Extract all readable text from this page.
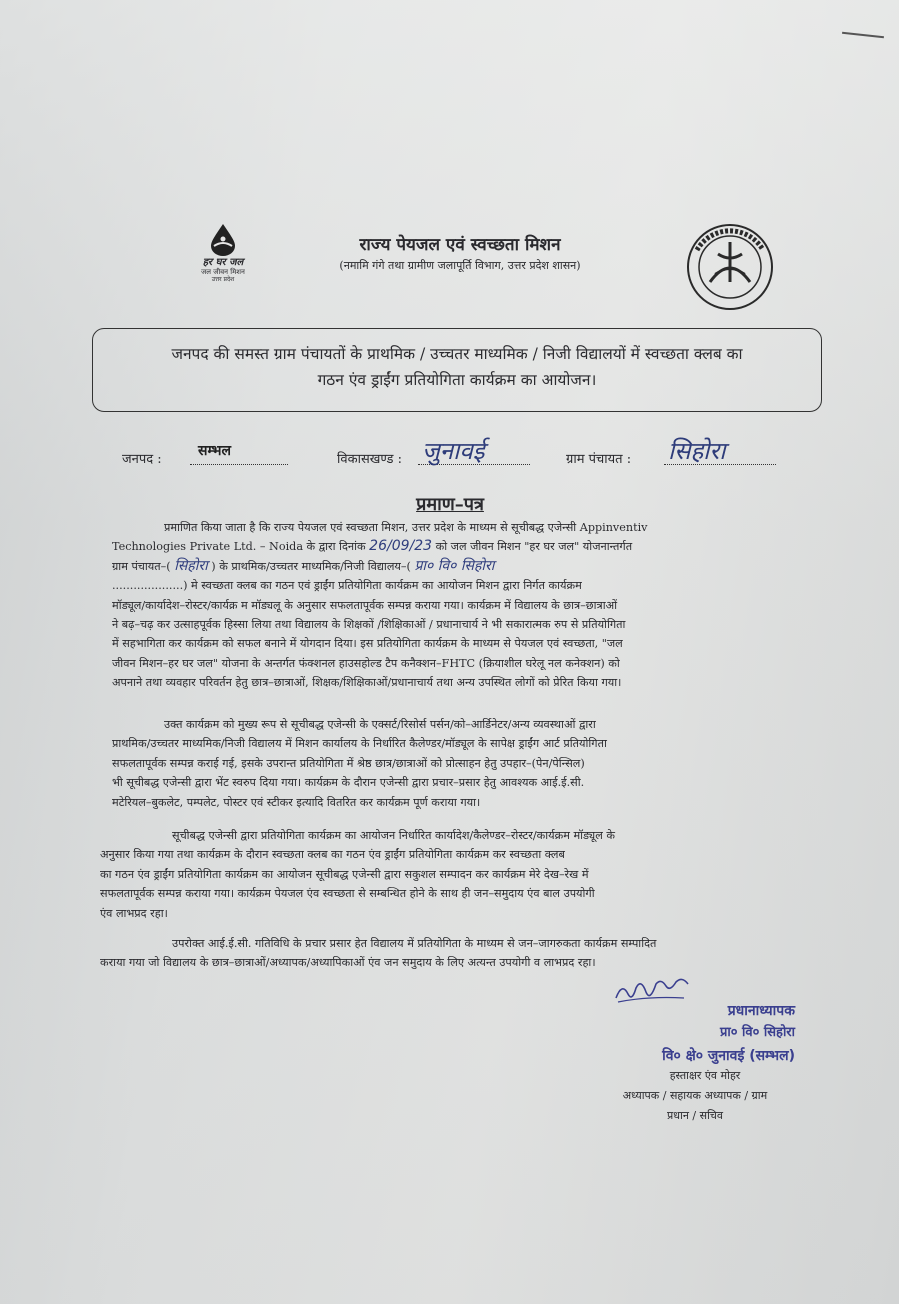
हर घर जल
जल जीवन मिशन
उत्तर प्रदेश
राज्य पेयजल एवं स्वच्छता मिशन
(नमामि गंगे तथा ग्रामीण जलापूर्ति विभाग, उत्तर प्रदेश शासन)
जनपद की समस्त ग्राम पंचायतों के प्राथमिक / उच्चतर माध्यमिक / निजी विद्यालयों में स्वच्छता क्लब का
गठन एंव ड्राईंग प्रतियोगिता कार्यक्रम का आयोजन।
जनपद :
सम्भल
विकासखण्ड : जुनावई	ग्राम पंचायत : सिहोरा
प्रमाण–पत्र
प्रमाणित किया जाता है कि राज्य पेयजल एवं स्वच्छता मिशन, उत्तर प्रदेश के माध्यम से सूचीबद्ध एजेन्सी Appinventiv
Technologies Private Ltd. – Noida के द्वारा दिनांक 26/09/23 को जल जीवन मिशन "हर घर जल" योजनान्तर्गत
ग्राम पंचायत–( सिहोरा ) के प्राथमिक/उच्चतर माध्यमिक/निजी विद्यालय–( प्रा० वि० सिहोरा
....................) मे स्वच्छता क्लब का गठन एवं ड्राईंग प्रतियोगिता कार्यक्रम का आयोजन मिशन द्वारा निर्गत कार्यक्रम
मॉड्यूल/कार्यादेश–रोस्टर/कार्यक्र म मॉड्यलू के अनुसार सफलतापूर्वक सम्पन्न कराया गया। कार्यक्रम में विद्यालय के छात्र–छात्राओं
ने बढ़–चढ़ कर उत्साहपूर्वक हिस्सा लिया तथा विद्यालय के शिक्षकों /शिक्षिकाओं / प्रधानाचार्य ने भी सकारात्मक रुप से प्रतियोगिता
में सहभागिता कर कार्यक्रम को सफल बनाने में योगदान दिया। इस प्रतियोगिता कार्यक्रम के माध्यम से पेयजल एवं स्वच्छता, "जल
जीवन मिशन–हर घर जल" योजना के अन्तर्गत फंक्शनल हाउसहोल्ड टैप कनैक्शन–FHTC (क्रियाशील घरेलू नल कनेक्शन) को
अपनाने तथा व्यवहार परिवर्तन हेतु छात्र–छात्राओं, शिक्षक/शिक्षिकाओं/प्रधानाचार्य तथा अन्य उपस्थित लोगों को प्रेरित किया गया।
उक्त कार्यक्रम को मुख्य रूप से सूचीबद्ध एजेन्सी के एक्सर्ट/रिसोर्स पर्सन/को–आर्डिनेटर/अन्य व्यवस्थाओं द्वारा
प्राथमिक/उच्चतर माध्यमिक/निजी विद्यालय में मिशन कार्यालय के निर्धारित कैलेण्डर/मॉड्यूल के सापेक्ष ड्राईंग आर्ट प्रतियोगिता
सफलतापूर्वक सम्पन्न कराई गई, इसके उपरान्त प्रतियोगिता में श्रेष्ठ छात्र/छात्राओं को प्रोत्साहन हेतु उपहार–(पेन/पेन्सिल)
भी सूचीबद्ध एजेन्सी द्वारा भेंट स्वरुप दिया गया। कार्यक्रम के दौरान एजेन्सी द्वारा प्रचार–प्रसार हेतु आवश्यक आई.ई.सी.
मटेरियल–बुकलेट, पम्पलेट, पोस्टर एवं स्टीकर इत्यादि वितरित कर कार्यक्रम पूर्ण कराया गया।
सूचीबद्ध एजेन्सी द्वारा प्रतियोगिता कार्यक्रम का आयोजन निर्धारित कार्यादेश/कैलेण्डर–रोस्टर/कार्यक्रम मॉड्यूल के
अनुसार किया गया तथा कार्यक्रम के दौरान स्वच्छता क्लब का गठन एंव ड्राईंग प्रतियोगिता कार्यक्रम कर स्वच्छता क्लब
का गठन एंव ड्राईंग प्रतियोगिता कार्यक्रम का आयोजन सूचीबद्ध एजेन्सी द्वारा सकुशल सम्पादन कर कार्यक्रम मेरे देख–रेख में
सफलतापूर्वक सम्पन्न कराया गया। कार्यक्रम पेयजल एंव स्वच्छता से सम्बन्धित होने के साथ ही जन–समुदाय एंव बाल उपयोगी
एंव लाभप्रद रहा।
उपरोक्त आई.ई.सी. गतिविधि के प्रचार प्रसार हेत विद्यालय में प्रतियोगिता के माध्यम से जन–जागरुकता कार्यक्रम सम्पादित
कराया गया जो विद्यालय के छात्र–छात्राओं/अध्यापक/अध्यापिकाओं एंव जन समुदाय के लिए अत्यन्त उपयोगी व लाभप्रद रहा।
प्रधानाध्यापक
प्रा० वि० सिहोरा
वि० क्षे० जुनावई (सम्भल)
हस्ताक्षर एंव मोहर
अध्यापक / सहायक अध्यापक / ग्राम
प्रधान / सचिव
